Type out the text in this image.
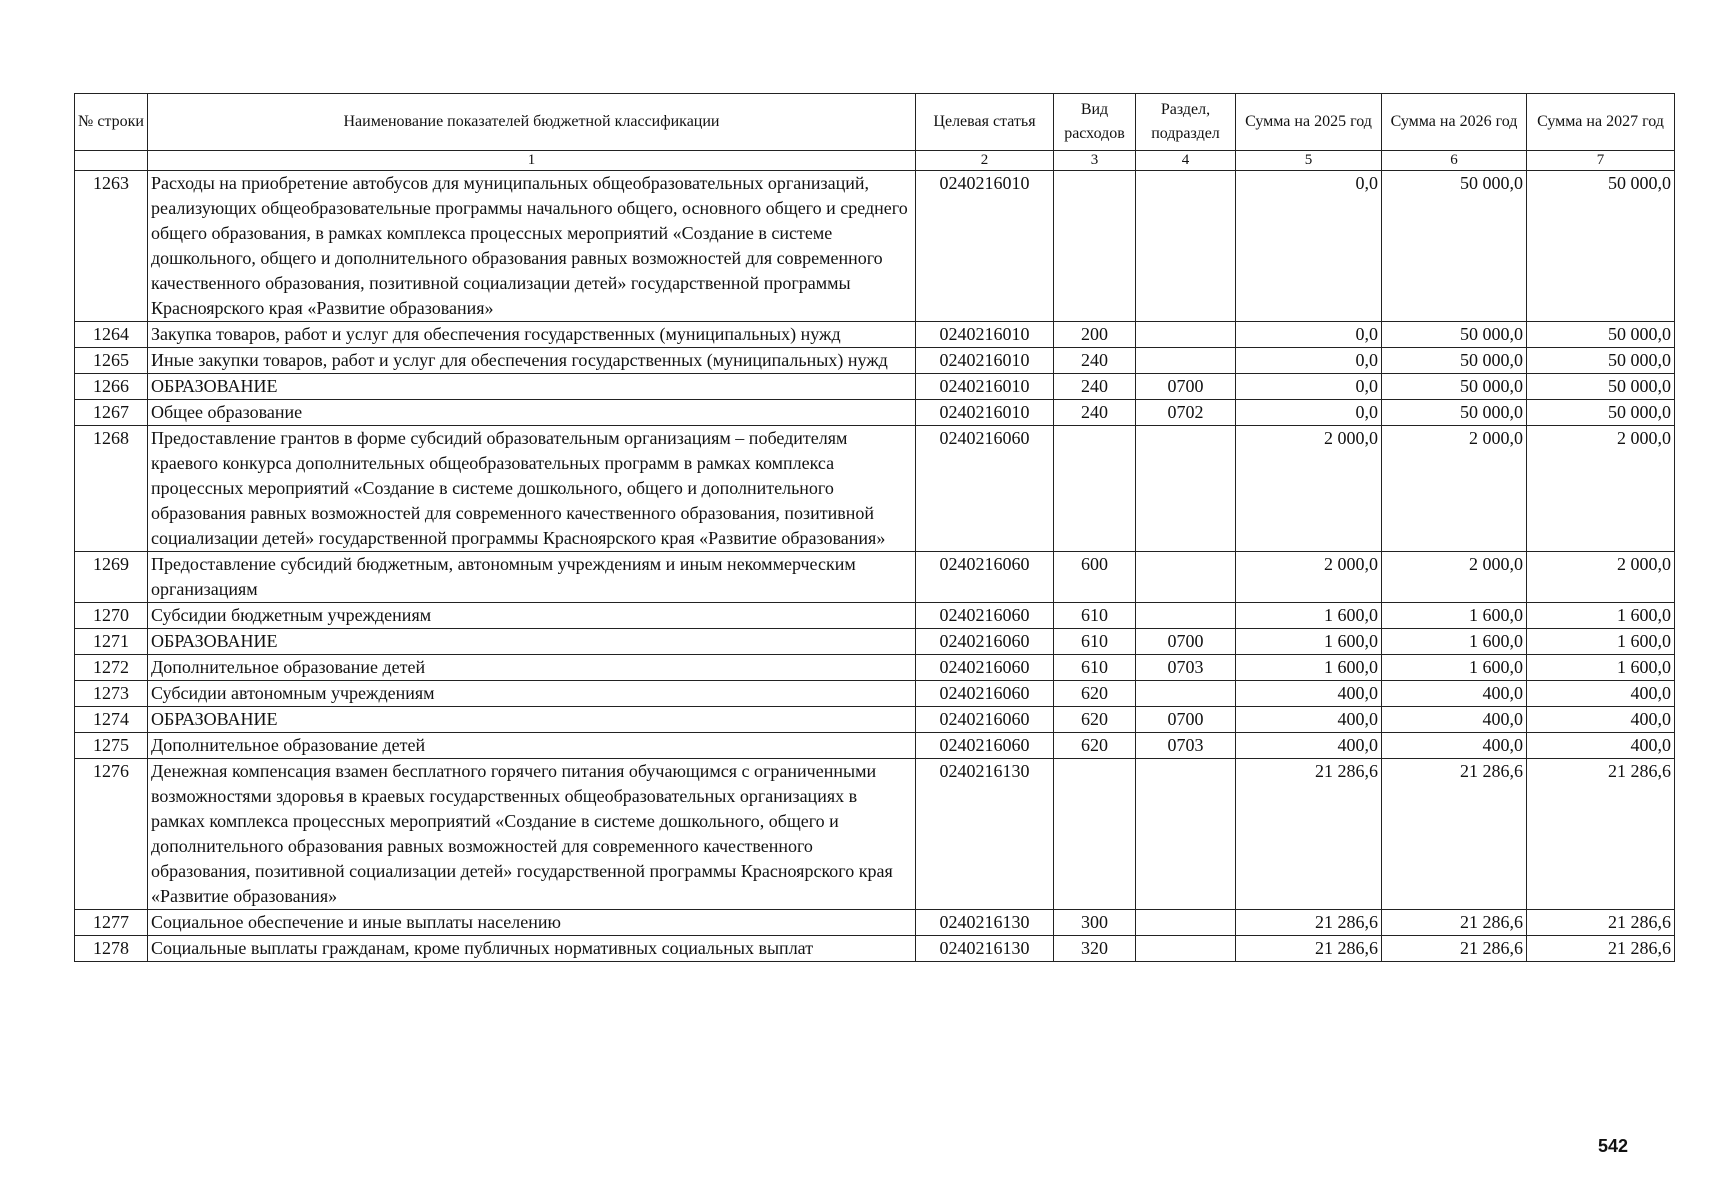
№ строки	Наименование показателей бюджетной классификации	Целевая статья	Вид расходов	Раздел, подраздел	Сумма на 2025 год	Сумма на 2026 год	Сумма на 2027 год
	1	2	3	4	5	6	7
1263	Расходы на приобретение автобусов для муниципальных общеобразовательных организаций, реализующих общеобразовательные программы начального общего, основного общего и среднего общего образования, в рамках комплекса процессных мероприятий «Создание в системе дошкольного, общего и дополнительного образования равных возможностей для современного качественного образования, позитивной социализации детей» государственной программы Красноярского края «Развитие образования»	0240216010			0,0	50 000,0	50 000,0
1264	Закупка товаров, работ и услуг для обеспечения государственных (муниципальных) нужд	0240216010	200		0,0	50 000,0	50 000,0
1265	Иные закупки товаров, работ и услуг для обеспечения государственных (муниципальных) нужд	0240216010	240		0,0	50 000,0	50 000,0
1266	ОБРАЗОВАНИЕ	0240216010	240	0700	0,0	50 000,0	50 000,0
1267	Общее образование	0240216010	240	0702	0,0	50 000,0	50 000,0
1268	Предоставление грантов в форме субсидий образовательным организациям – победителям краевого конкурса дополнительных общеобразовательных программ в рамках комплекса процессных мероприятий «Создание в системе дошкольного, общего и дополнительного образования равных возможностей для современного качественного образования, позитивной социализации детей» государственной программы Красноярского края «Развитие образования»	0240216060			2 000,0	2 000,0	2 000,0
1269	Предоставление субсидий бюджетным, автономным учреждениям и иным некоммерческим организациям	0240216060	600		2 000,0	2 000,0	2 000,0
1270	Субсидии бюджетным учреждениям	0240216060	610		1 600,0	1 600,0	1 600,0
1271	ОБРАЗОВАНИЕ	0240216060	610	0700	1 600,0	1 600,0	1 600,0
1272	Дополнительное образование детей	0240216060	610	0703	1 600,0	1 600,0	1 600,0
1273	Субсидии автономным учреждениям	0240216060	620		400,0	400,0	400,0
1274	ОБРАЗОВАНИЕ	0240216060	620	0700	400,0	400,0	400,0
1275	Дополнительное образование детей	0240216060	620	0703	400,0	400,0	400,0
1276	Денежная компенсация взамен бесплатного горячего питания обучающимся с ограниченными возможностями здоровья в краевых государственных общеобразовательных организациях в рамках комплекса процессных мероприятий «Создание в системе дошкольного, общего и дополнительного образования равных возможностей для современного качественного образования, позитивной социализации детей» государственной программы Красноярского края «Развитие образования»	0240216130			21 286,6	21 286,6	21 286,6
1277	Социальное обеспечение и иные выплаты населению	0240216130	300		21 286,6	21 286,6	21 286,6
1278	Социальные выплаты гражданам, кроме публичных нормативных социальных выплат	0240216130	320		21 286,6	21 286,6	21 286,6
542
